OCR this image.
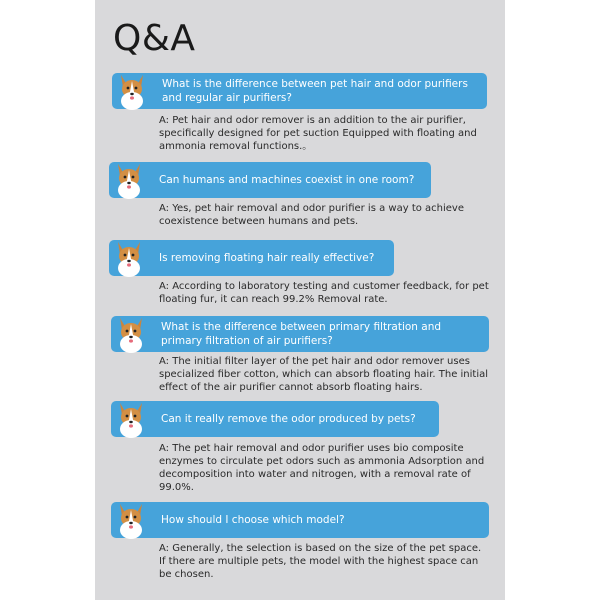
Q&A
What is the difference between pet hair and odor purifiers and regular air purifiers?
A: Pet hair and odor remover is an addition to the air purifier, specifically designed for pet suction Equipped with floating and ammonia removal functions.。
Can humans and machines coexist in one room?
A: Yes, pet hair removal and odor purifier is a way to achieve coexistence between humans and pets.
Is removing floating hair really effective?
A: According to laboratory testing and customer feedback, for pet floating fur, it can reach 99.2% Removal rate.
What is the difference between primary filtration and primary filtration of air purifiers?
A: The initial filter layer of the pet hair and odor remover uses specialized fiber cotton, which can absorb floating hair. The initial effect of the air purifier cannot absorb floating hairs.
Can it really remove the odor produced by pets?
A: The pet hair removal and odor purifier uses bio composite enzymes to circulate pet odors such as ammonia Adsorption and decomposition into water and nitrogen, with a removal rate of 99.0%.
How should I choose which model?
A: Generally, the selection is based on the size of the pet space. If there are multiple pets, the model with the highest space can be chosen.
